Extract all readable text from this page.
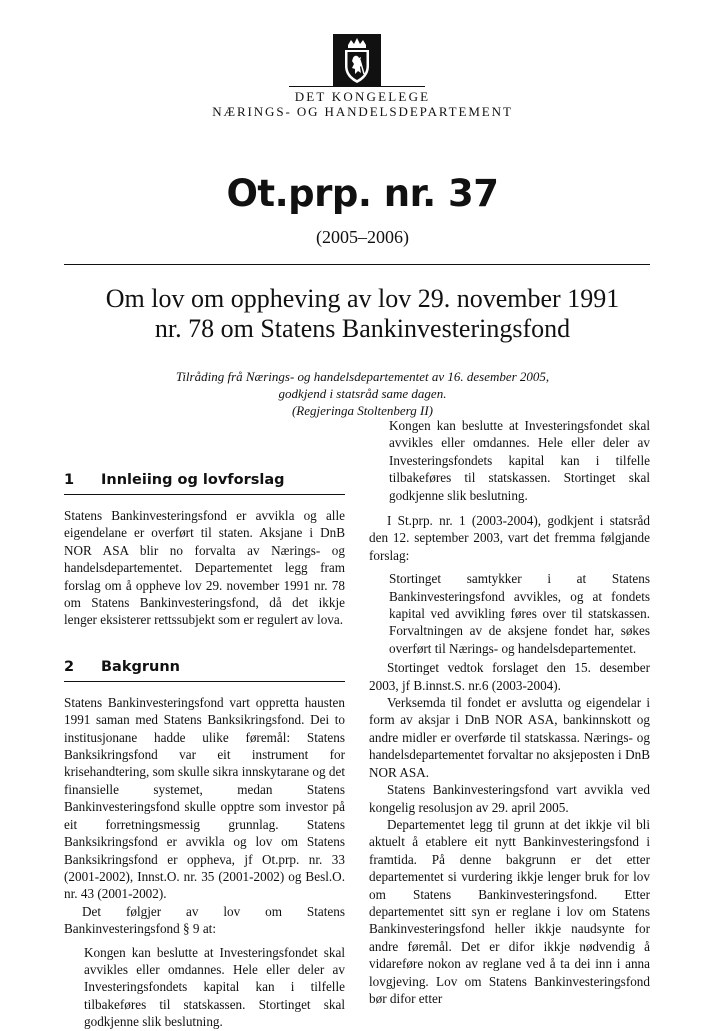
DET KONGELEGE
NÆRINGS- OG HANDELSDEPARTEMENT
Ot.prp. nr. 37
(2005–2006)
Om lov om oppheving av lov 29. november 1991
nr. 78 om Statens Bankinvesteringsfond
Tilråding frå Nærings- og handelsdepartementet av 16. desember 2005,
godkjend i statsråd same dagen.
(Regjeringa Stoltenberg II)
1	Innleiing og lovforslag

Statens Bankinvesteringsfond er avvikla og alle eigendelane er overført til staten. Aksjane i DnB NOR ASA blir no forvalta av Nærings- og handelsdepartementet. Departementet legg fram forslag om å oppheve lov 29. november 1991 nr. 78 om Statens Bankinvesteringsfond, då det ikkje lenger eksisterer rettssubjekt som er regulert av lova.

2	Bakgrunn

Statens Bankinvesteringsfond vart oppretta hausten 1991 saman med Statens Banksikringsfond. Dei to institusjonane hadde ulike føremål: Statens Banksikringsfond var eit instrument for krisehandtering, som skulle sikra innskytarane og det finansielle systemet, medan Statens Bankinvesteringsfond skulle opptre som investor på eit forretningsmessig grunnlag. Statens Banksikringsfond er avvikla og lov om Statens Banksikringsfond er oppheva, jf Ot.prp. nr. 33 (2001-2002), Innst.O. nr. 35 (2001-2002) og Besl.O. nr. 43 (2001-2002).

Det følgjer av lov om Statens Bankinvesteringsfond § 9 at:

Kongen kan beslutte at Investeringsfondet skal avvikles eller omdannes. Hele eller deler av Investeringsfondets kapital kan i tilfelle tilbakeføres til statskassen. Stortinget skal godkjenne slik beslutning.

Kongen kan beslutte at Investeringsfondet skal avvikles eller omdannes. Hele eller deler av Investeringsfondets kapital kan i tilfelle tilbakeføres til statskassen. Stortinget skal godkjenne slik beslutning.

I St.prp. nr. 1 (2003-2004), godkjent i statsråd den 12. september 2003, vart det fremma følgjande forslag:

Stortinget samtykker i at Statens Bankinvesteringsfond avvikles, og at fondets kapital ved avvikling føres over til statskassen. Forvaltningen av de aksjene fondet har, søkes overført til Nærings- og handelsdepartementet.

Stortinget vedtok forslaget den 15. desember 2003, jf B.innst.S. nr.6 (2003-2004).

Verksemda til fondet er avslutta og eigendelar i form av aksjar i DnB NOR ASA, bankinnskott og andre midler er overførde til statskassa. Nærings- og handelsdepartementet forvaltar no aksjeposten i DnB NOR ASA.

Statens Bankinvesteringsfond vart avvikla ved kongelig resolusjon av 29. april 2005.

Departementet legg til grunn at det ikkje vil bli aktuelt å etablere eit nytt Bankinvesteringsfond i framtida. På denne bakgrunn er det etter departementet si vurdering ikkje lenger bruk for lov om Statens Bankinvesteringsfond. Etter departementet sitt syn er reglane i lov om Statens Bankinvesteringsfond heller ikkje naudsynte for andre føremål. Det er difor ikkje nødvendig å vidareføre nokon av reglane ved å ta dei inn i anna lovgjeving. Lov om Statens Bankinvesteringsfond bør difor etter
